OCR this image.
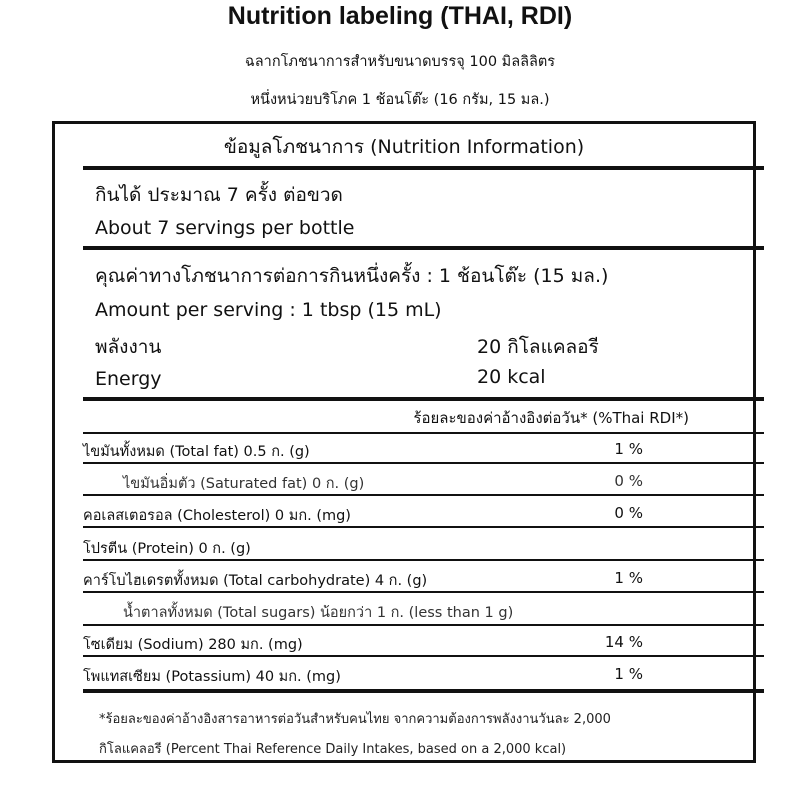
Nutrition labeling (THAI, RDI)
ฉลากโภชนาการสำหรับขนาดบรรจุ 100 มิลลิลิตร
หนึ่งหน่วยบริโภค 1 ช้อนโต๊ะ (16 กรัม, 15 มล.)
ข้อมูลโภชนาการ (Nutrition Information)
กินได้ ประมาณ 7 ครั้ง ต่อขวด
About 7 servings per bottle
คุณค่าทางโภชนาการต่อการกินหนึ่งครั้ง : 1 ช้อนโต๊ะ (15 มล.)
Amount per serving : 1 tbsp (15 mL)
พลังงาน	20 กิโลแคลอรี
Energy	20 kcal
ร้อยละของค่าอ้างอิงต่อวัน* (%Thai RDI*)
ไขมันทั้งหมด (Total fat) 0.5 ก. (g)	1 %
ไขมันอิ่มตัว (Saturated fat) 0 ก. (g)	0 %
คอเลสเตอรอล (Cholesterol) 0 มก. (mg)	0 %
โปรตีน (Protein) 0 ก. (g)
คาร์โบไฮเดรตทั้งหมด (Total carbohydrate) 4 ก. (g)	1 %
น้ำตาลทั้งหมด (Total sugars) น้อยกว่า 1 ก. (less than 1 g)
โซเดียม (Sodium) 280 มก. (mg)	14 %
โพแทสเซียม (Potassium) 40 มก. (mg)	1 %
*ร้อยละของค่าอ้างอิงสารอาหารต่อวันสำหรับคนไทย จากความต้องการพลังงานวันละ 2,000
กิโลแคลอรี (Percent Thai Reference Daily Intakes, based on a 2,000 kcal)
